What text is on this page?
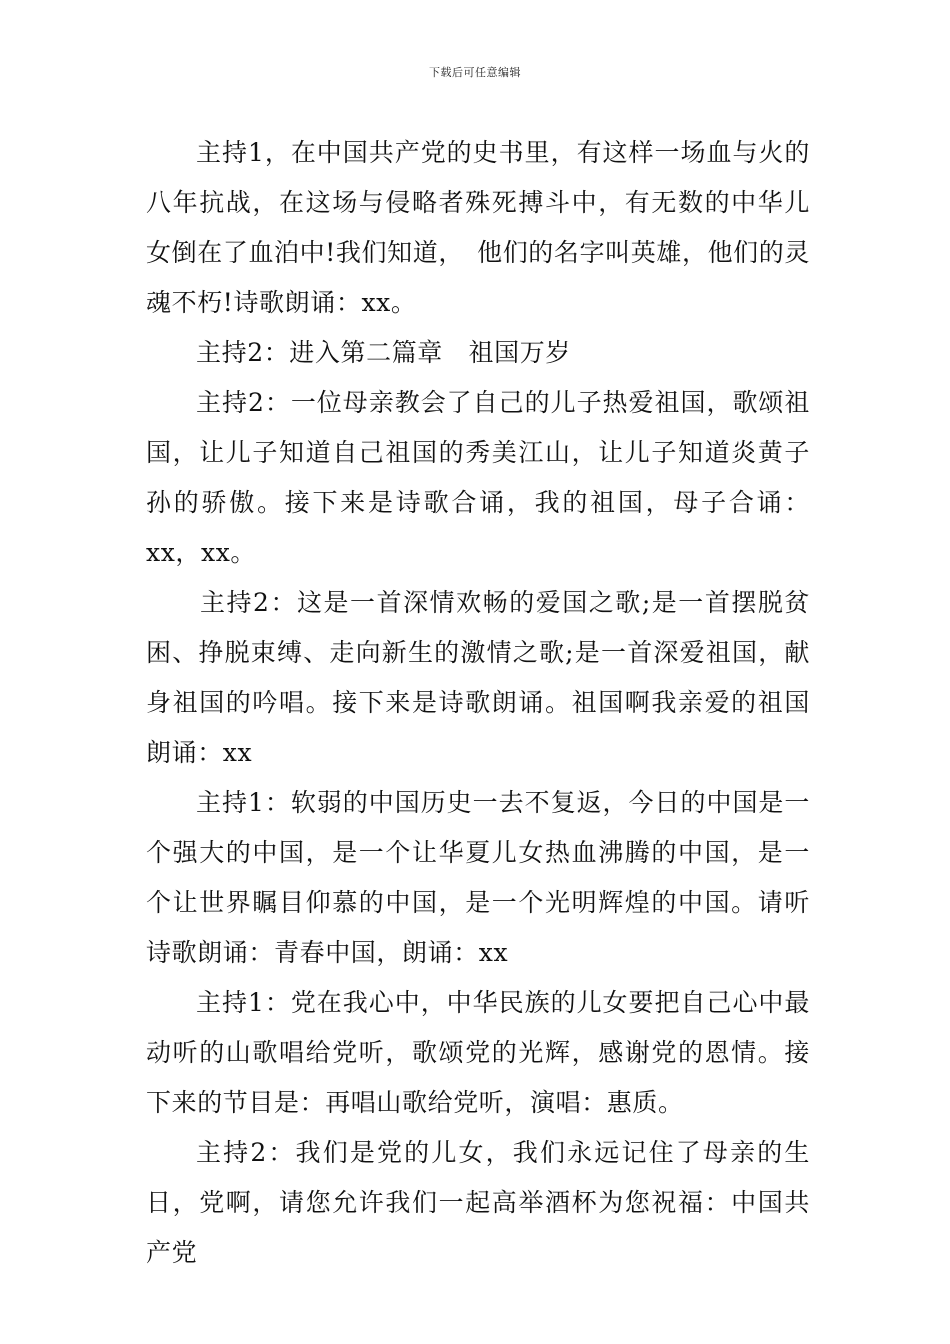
下载后可任意编辑

主持1，在中国共产党的史书里，有这样一场血与火的八年抗战，在这场与侵略者殊死搏斗中，有无数的中华儿女倒在了血泊中!我们知道，　他们的名字叫英雄，他们的灵魂不朽!诗歌朗诵：xx。

主持2：进入第二篇章　祖国万岁

主持2：一位母亲教会了自己的儿子热爱祖国，歌颂祖国，让儿子知道自己祖国的秀美江山，让儿子知道炎黄子孙的骄傲。接下来是诗歌合诵，我的祖国，母子合诵：xx，xx。

主持2：这是一首深情欢畅的爱国之歌;是一首摆脱贫困、挣脱束缚、走向新生的激情之歌;是一首深爱祖国，献身祖国的吟唱。接下来是诗歌朗诵。祖国啊我亲爱的祖国朗诵：xx

主持1：软弱的中国历史一去不复返，今日的中国是一个强大的中国，是一个让华夏儿女热血沸腾的中国，是一个让世界瞩目仰慕的中国，是一个光明辉煌的中国。请听诗歌朗诵：青春中国，朗诵：xx

主持1：党在我心中，中华民族的儿女要把自己心中最动听的山歌唱给党听，歌颂党的光辉，感谢党的恩情。接下来的节目是：再唱山歌给党听，演唱：惠质。

主持2：我们是党的儿女，我们永远记住了母亲的生日，党啊，请您允许我们一起高举酒杯为您祝福：中国共产党
